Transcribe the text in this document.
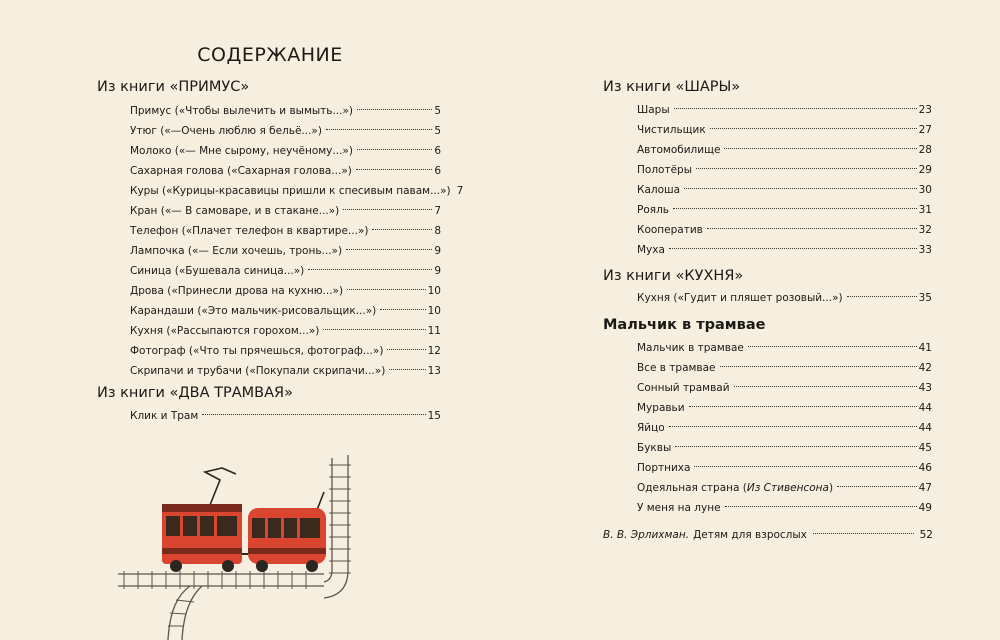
СОДЕРЖАНИЕ
Из книги «ПРИМУС»
Примус («Чтобы вылечить и вымыть...»)	5
Утюг («—Очень люблю я бельё...»)	5
Молоко («— Мне сырому, неучёному...»)	6
Сахарная голова («Сахарная голова...»)	6
Куры («Курицы-красавицы пришли к спесивым павам...») 7
Кран («— В самоваре, и в стакане...»)	7
Телефон («Плачет телефон в квартире...»)	8
Лампочка («— Если хочешь, тронь...»)	9
Синица («Бушевала синица...»)	9
Дрова («Принесли дрова на кухню...»)	10
Карандаши («Это мальчик-рисовальщик...»)	10
Кухня («Рассыпаются горохом...»)	11
Фотограф («Что ты прячешься, фотограф...»)	12
Скрипачи и трубачи («Покупали скрипачи...»)	13
Из книги «ДВА ТРАМВАЯ»
Клик и Трам	15
Из книги «ШАРЫ»
Шары	23
Чистильщик	27
Автомобилище	28
Полотёры	29
Калоша	30
Рояль	31
Кооператив	32
Муха	33
Из книги «КУХНЯ»
Кухня («Гудит и пляшет розовый...»)	35
Мальчик в трамвае
Мальчик в трамвае	41
Все в трамвае	42
Сонный трамвай	43
Муравьи	44
Яйцо	44
Буквы	45
Портниха	46
Одеяльная страна (Из Стивенсона)	47
У меня на луне	49
В. В. Эрлихман. Детям для взрослых	52
